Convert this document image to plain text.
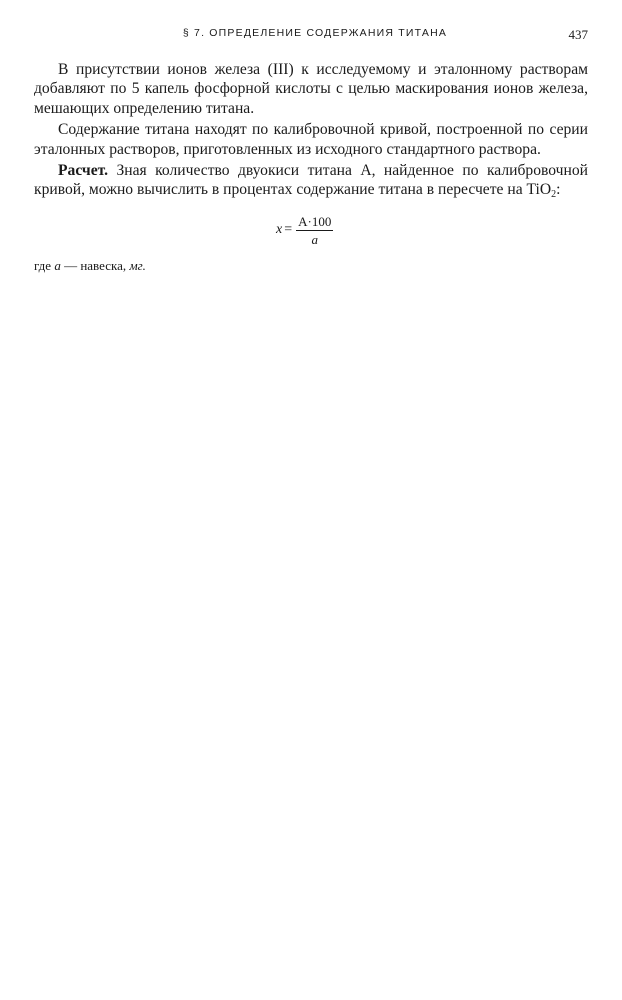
§ 7. ОПРЕДЕЛЕНИЕ СОДЕРЖАНИЯ ТИТАНА	437

В присутствии ионов железа (III) к исследуемому и эталонному растворам добавляют по 5 капель фосфорной кислоты с целью маскирования ионов железа, мешающих определению титана.

Содержание титана находят по калибровочной кривой, построенной по серии эталонных растворов, приготовленных из исходного стандартного раствора.

Расчет. Зная количество двуокиси титана А, найденное по калибровочной кривой, можно вычислить в процентах содержание титана в пересчете на TiO$_2$:

$x = \frac{A\cdot 100}{a}$
где a — навеска, мг.
